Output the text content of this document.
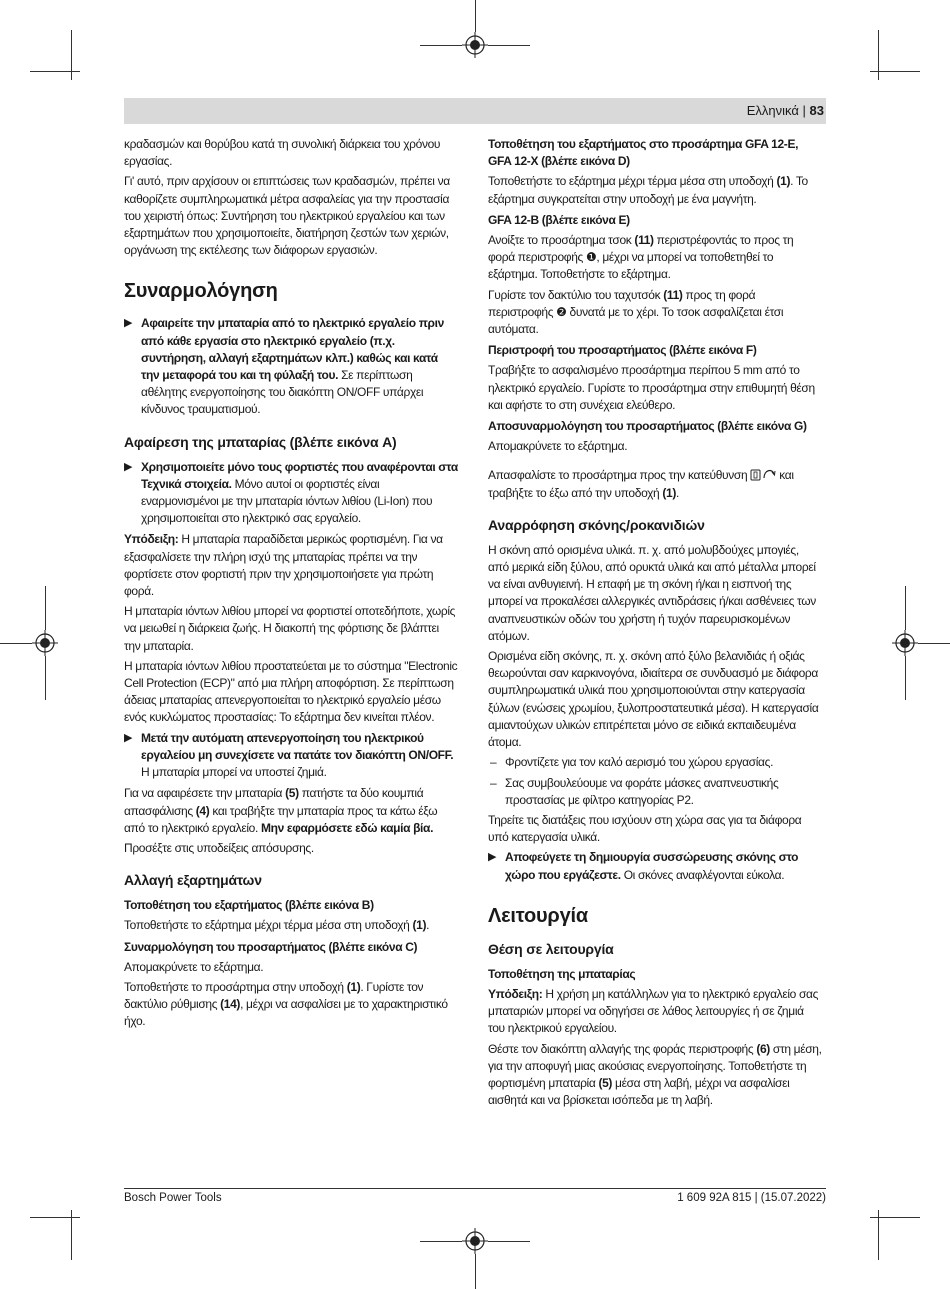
Ελληνικά | 83

κραδασμών και θορύβου κατά τη συνολική διάρκεια του χρόνου εργασίας.

Γι' αυτό, πριν αρχίσουν οι επιπτώσεις των κραδασμών, πρέπει να καθορίζετε συμπληρωματικά μέτρα ασφαλείας για την προστασία του χειριστή όπως: Συντήρηση του ηλεκτρικού εργαλείου και των εξαρτημάτων που χρησιμοποιείτε, διατήρηση ζεστών των χεριών, οργάνωση της εκτέλεσης των διάφορων εργασιών.

Συναρμολόγηση
▶ Αφαιρείτε την μπαταρία από το ηλεκτρικό εργαλείο πριν από κάθε εργασία στο ηλεκτρικό εργαλείο (π.χ. συντήρηση, αλλαγή εξαρτημάτων κλπ.) καθώς και κατά την μεταφορά του και τη φύλαξή του. Σε περίπτωση αθέλητης ενεργοποίησης του διακόπτη ON/OFF υπάρχει κίνδυνος τραυματισμού.
Αφαίρεση της μπαταρίας (βλέπε εικόνα A)
▶ Χρησιμοποιείτε μόνο τους φορτιστές που αναφέρονται στα Τεχνικά στοιχεία. Μόνο αυτοί οι φορτιστές είναι εναρμονισμένοι με την μπαταρία ιόντων λιθίου (Li-Ion) που χρησιμοποιείται στο ηλεκτρικό σας εργαλείο.

Υπόδειξη: Η μπαταρία παραδίδεται μερικώς φορτισμένη. Για να εξασφαλίσετε την πλήρη ισχύ της μπαταρίας πρέπει να την φορτίσετε στον φορτιστή πριν την χρησιμοποιήσετε για πρώτη φορά.

Η μπαταρία ιόντων λιθίου μπορεί να φορτιστεί οποτεδήποτε, χωρίς να μειωθεί η διάρκεια ζωής. Η διακοπή της φόρτισης δε βλάπτει την μπαταρία.

Η μπαταρία ιόντων λιθίου προστατεύεται με το σύστημα "Electronic Cell Protection (ECP)" από μια πλήρη αποφόρτιση. Σε περίπτωση άδειας μπαταρίας απενεργοποιείται το ηλεκτρικό εργαλείο μέσω ενός κυκλώματος προστασίας: Το εξάρτημα δεν κινείται πλέον.

▶ Μετά την αυτόματη απενεργοποίηση του ηλεκτρικού εργαλείου μη συνεχίσετε να πατάτε τον διακόπτη ON/OFF. Η μπαταρία μπορεί να υποστεί ζημιά.

Για να αφαιρέσετε την μπαταρία (5) πατήστε τα δύο κουμπιά απασφάλισης (4) και τραβήξτε την μπαταρία προς τα κάτω έξω από το ηλεκτρικό εργαλείο. Μην εφαρμόσετε εδώ καμία βία.

Προσέξτε στις υποδείξεις απόσυρσης.

Αλλαγή εξαρτημάτων
Τοποθέτηση του εξαρτήματος (βλέπε εικόνα B)

Τοποθετήστε το εξάρτημα μέχρι τέρμα μέσα στη υποδοχή (1).

Συναρμολόγηση του προσαρτήματος (βλέπε εικόνα C)

Απομακρύνετε το εξάρτημα.

Τοποθετήστε το προσάρτημα στην υποδοχή (1). Γυρίστε τον δακτύλιο ρύθμισης (14), μέχρι να ασφαλίσει με το χαρακτηριστικό ήχο.

Τοποθέτηση του εξαρτήματος στο προσάρτημα GFA 12-E, GFA 12-X (βλέπε εικόνα D)

Τοποθετήστε το εξάρτημα μέχρι τέρμα μέσα στη υποδοχή (1). Το εξάρτημα συγκρατείται στην υποδοχή με ένα μαγνήτη.

GFA 12-B (βλέπε εικόνα E)

Ανοίξτε το προσάρτημα τσοκ (11) περιστρέφοντάς το προς τη φορά περιστροφής ❶, μέχρι να μπορεί να τοποθετηθεί το εξάρτημα. Τοποθετήστε το εξάρτημα.

Γυρίστε τον δακτύλιο του ταχυτσόκ (11) προς τη φορά περιστροφής ❷ δυνατά με το χέρι. Το τσοκ ασφαλίζεται έτσι αυτόματα.

Περιστροφή του προσαρτήματος (βλέπε εικόνα F)

Τραβήξτε το ασφαλισμένο προσάρτημα περίπου 5 mm από το ηλεκτρικό εργαλείο. Γυρίστε το προσάρτημα στην επιθυμητή θέση και αφήστε το στη συνέχεια ελεύθερο.

Αποσυναρμολόγηση του προσαρτήματος (βλέπε εικόνα G)

Απομακρύνετε το εξάρτημα.

Απασφαλίστε το προσάρτημα προς την κατεύθυνση  και τραβήξτε το έξω από την υποδοχή (1).

Αναρρόφηση σκόνης/ροκανιδιών

Η σκόνη από ορισμένα υλικά. π. χ. από μολυβδούχες μπογιές, από μερικά είδη ξύλου, από ορυκτά υλικά και από μέταλλα μπορεί να είναι ανθυγιεινή. Η επαφή με τη σκόνη ή/και η εισπνοή της μπορεί να προκαλέσει αλλεργικές αντιδράσεις ή/και ασθένειες των αναπνευστικών οδών του χρήστη ή τυχόν παρευρισκομένων ατόμων.

Ορισμένα είδη σκόνης, π. χ. σκόνη από ξύλο βελανιδιάς ή οξιάς θεωρούνται σαν καρκινογόνα, ιδιαίτερα σε συνδυασμό με διάφορα συμπληρωματικά υλικά που χρησιμοποιούνται στην κατεργασία ξύλων (ενώσεις χρωμίου, ξυλοπροστατευτικά μέσα). Η κατεργασία αμιαντούχων υλικών επιτρέπεται μόνο σε ειδικά εκπαιδευμένα άτομα.

– Φροντίζετε για τον καλό αερισμό του χώρου εργασίας.
– Σας συμβουλεύουμε να φοράτε μάσκες αναπνευστικής προστασίας με φίλτρο κατηγορίας P2.

Τηρείτε τις διατάξεις που ισχύουν στη χώρα σας για τα διάφορα υπό κατεργασία υλικά.

▶ Αποφεύγετε τη δημιουργία συσσώρευσης σκόνης στο χώρο που εργάζεστε. Οι σκόνες αναφλέγονται εύκολα.
Λειτουργία
Θέση σε λειτουργία
Τοποθέτηση της μπαταρίας

Υπόδειξη: Η χρήση μη κατάλληλων για το ηλεκτρικό εργαλείο σας μπαταριών μπορεί να οδηγήσει σε λάθος λειτουργίες ή σε ζημιά του ηλεκτρικού εργαλείου.

Θέστε τον διακόπτη αλλαγής της φοράς περιστροφής (6) στη μέση, για την αποφυγή μιας ακούσιας ενεργοποίησης. Τοποθετήστε τη φορτισμένη μπαταρία (5) μέσα στη λαβή, μέχρι να ασφαλίσει αισθητά και να βρίσκεται ισόπεδα με τη λαβή.

Bosch Power Tools	1 609 92A 815 | (15.07.2022)
